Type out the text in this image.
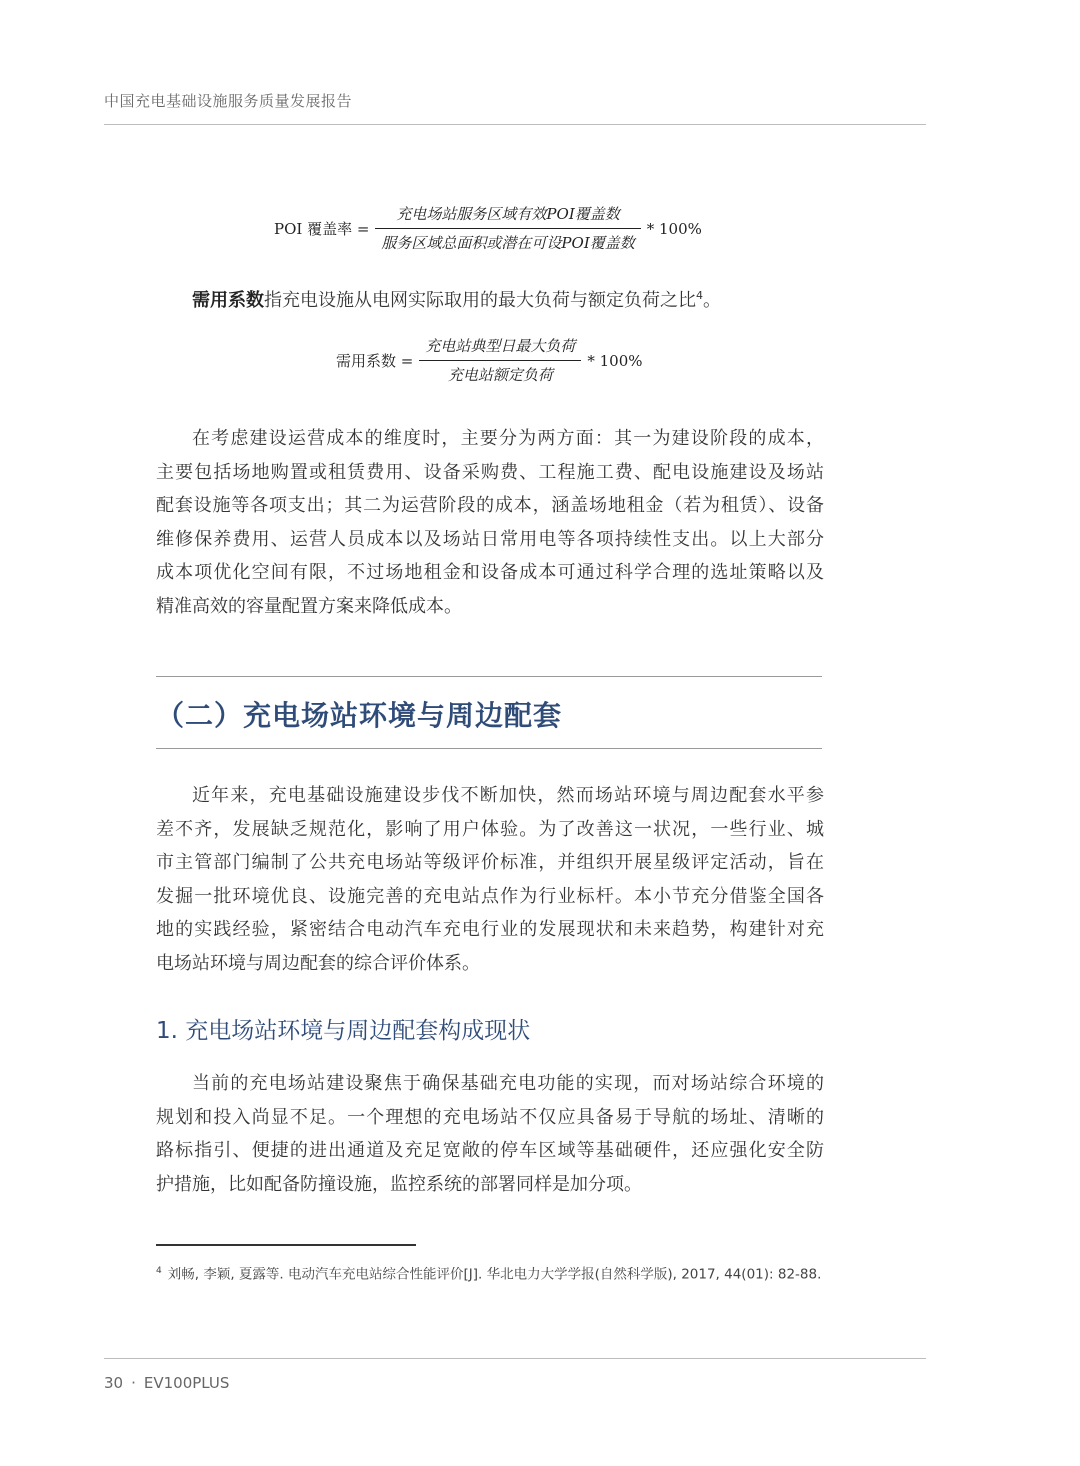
中国充电基础设施服务质量发展报告
POI 覆盖率 = $\frac{\text{充电场站服务区域有效POI覆盖数}}{\text{服务区域总面积或潜在可设POI覆盖数}} * 100\%$
需用系数指充电设施从电网实际取用的最大负荷与额定负荷之比$^4$。
需用系数 = $\frac{\text{充电站典型日最大负荷}}{\text{充电站额定负荷}} * 100\%$
在考虑建设运营成本的维度时，主要分为两方面：其一为建设阶段的成本，
主要包括场地购置或租赁费用、设备采购费、工程施工费、配电设施建设及场站
配套设施等各项支出；其二为运营阶段的成本，涵盖场地租金（若为租赁）、设备
维修保养费用、运营人员成本以及场站日常用电等各项持续性支出。以上大部分
成本项优化空间有限，不过场地租金和设备成本可通过科学合理的选址策略以及
精准高效的容量配置方案来降低成本。
（二）充电场站环境与周边配套
近年来，充电基础设施建设步伐不断加快，然而场站环境与周边配套水平参
差不齐，发展缺乏规范化，影响了用户体验。为了改善这一状况，一些行业、城
市主管部门编制了公共充电场站等级评价标准，并组织开展星级评定活动，旨在
发掘一批环境优良、设施完善的充电站点作为行业标杆。本小节充分借鉴全国各
地的实践经验，紧密结合电动汽车充电行业的发展现状和未来趋势，构建针对充
电场站环境与周边配套的综合评价体系。
1. 充电场站环境与周边配套构成现状
当前的充电场站建设聚焦于确保基础充电功能的实现，而对场站综合环境的
规划和投入尚显不足。一个理想的充电场站不仅应具备易于导航的场址、清晰的
路标指引、便捷的进出通道及充足宽敞的停车区域等基础硬件，还应强化安全防
护措施，比如配备防撞设施，监控系统的部署同样是加分项。
$^4$ 刘畅, 李颖, 夏露等. 电动汽车充电站综合性能评价[J]. 华北电力大学学报(自然科学版), 2017, 44(01): 82-88.
30 · EV100PLUS
